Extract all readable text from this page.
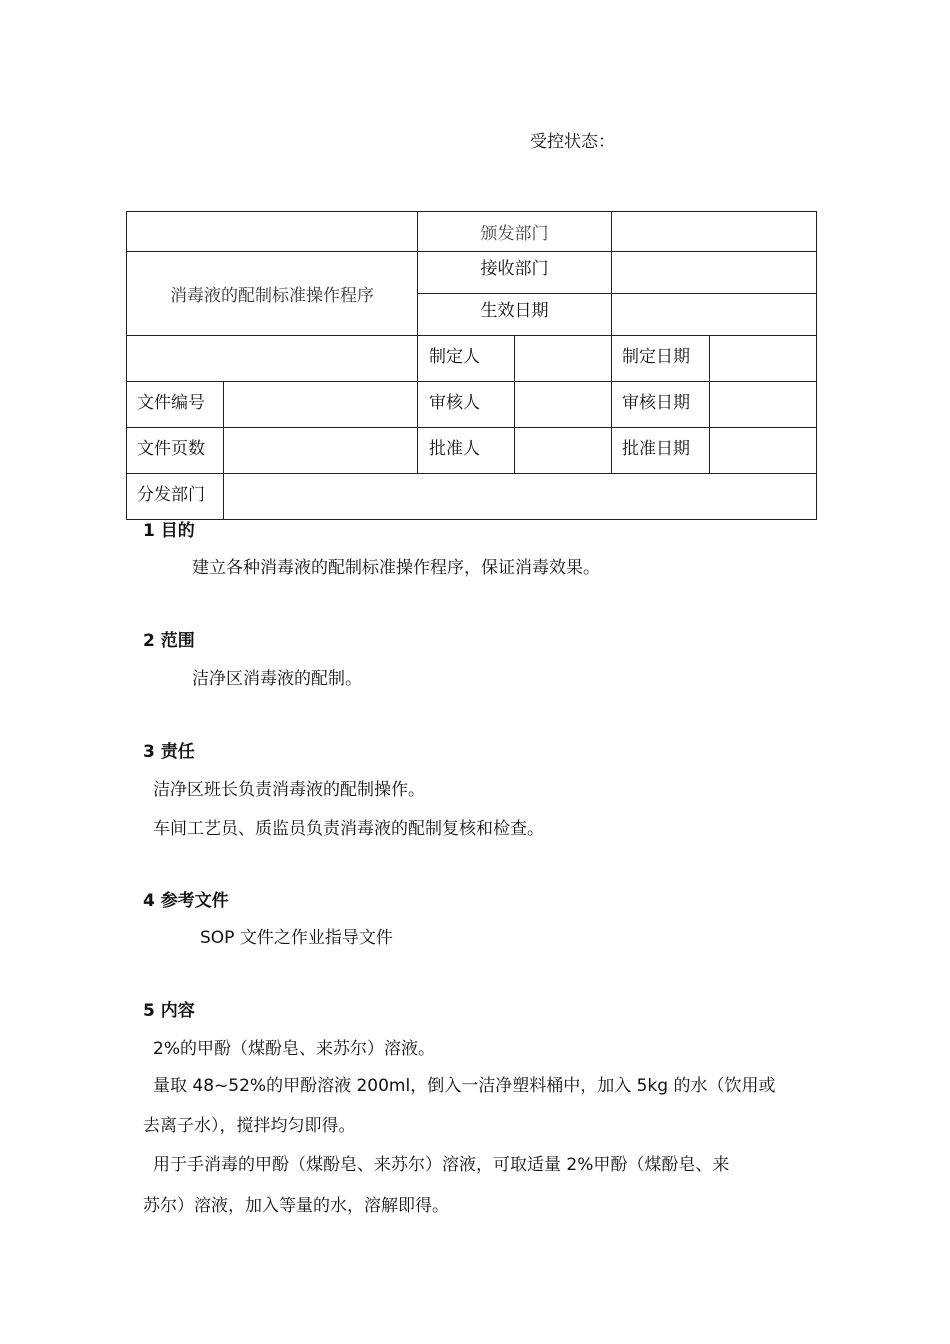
受控状态：
		颁发部门			
消毒液的配制标准操作程序		接收部门			
		生效日期			
		制定人		制定日期	
文件编号		审核人		审核日期	
文件页数		批准人		批准日期	
分发部门					
1 目的
建立各种消毒液的配制标准操作程序，保证消毒效果。
2 范围
洁净区消毒液的配制。
3 责任
洁净区班长负责消毒液的配制操作。
车间工艺员、质监员负责消毒液的配制复核和检查。
4 参考文件
SOP 文件之作业指导文件
5 内容
2%的甲酚（煤酚皂、来苏尔）溶液。
量取 48~52%的甲酚溶液 200ml，倒入一洁净塑料桶中，加入 5kg 的水（饮用或
去离子水），搅拌均匀即得。
用于手消毒的甲酚（煤酚皂、来苏尔）溶液，可取适量 2%甲酚（煤酚皂、来
苏尔）溶液，加入等量的水，溶解即得。
